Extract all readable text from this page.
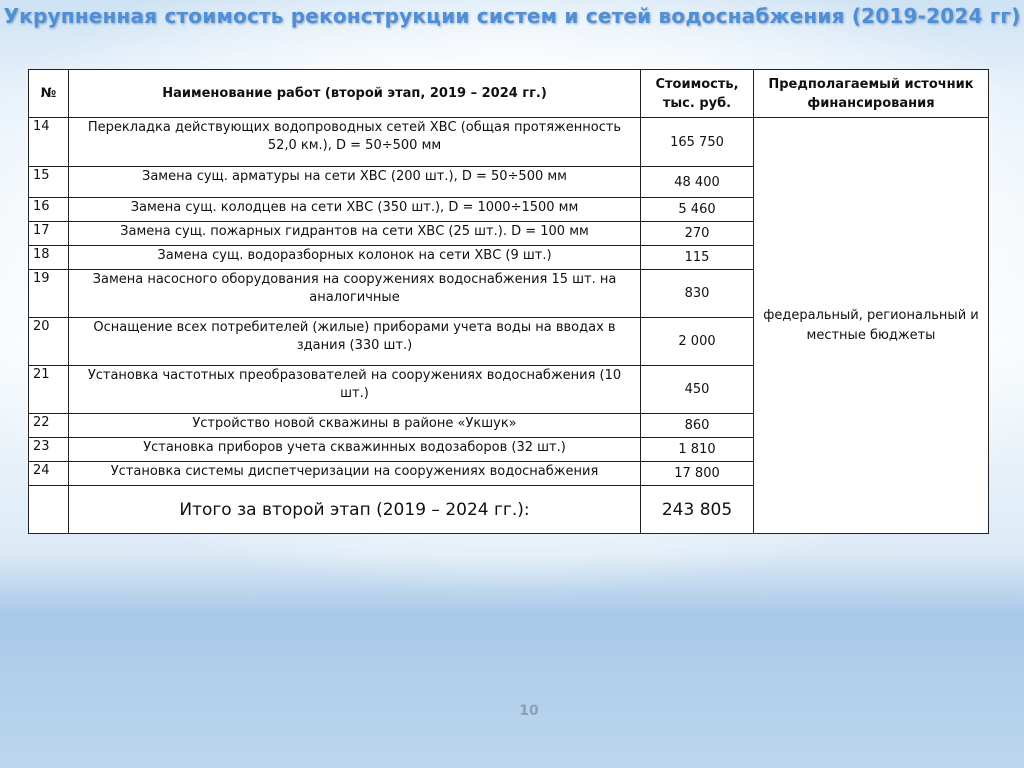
Укрупненная стоимость реконструкции систем и сетей водоснабжения (2019-2024 гг)
№	Наименование работ (второй этап, 2019 – 2024 гг.)	Стоимость, тыс. руб.	Предполагаемый источник финансирования
14	Перекладка действующих водопроводных сетей ХВС (общая протяженность 52,0 км.), D = 50÷500 мм	165 750	федеральный, региональный и местные бюджеты
15	Замена сущ. арматуры на сети ХВС (200 шт.), D = 50÷500 мм	48 400	
16	Замена сущ. колодцев на сети ХВС (350 шт.), D = 1000÷1500 мм	5 460	
17	Замена сущ. пожарных гидрантов на сети ХВС (25 шт.). D = 100 мм	270	
18	Замена сущ. водоразборных колонок на сети ХВС (9 шт.)	115	
19	Замена насосного оборудования на сооружениях водоснабжения 15 шт. на аналогичные	830	
20	Оснащение всех потребителей (жилые) приборами учета воды на вводах в здания (330 шт.)	2 000	
21	Установка частотных преобразователей на сооружениях водоснабжения (10 шт.)	450	
22	Устройство новой скважины в районе «Укшук»	860	
23	Установка приборов учета скважинных водозаборов (32 шт.)	1 810	
24	Установка системы диспетчеризации на сооружениях водоснабжения	17 800	
	Итого за второй этап (2019 – 2024 гг.):	243 805	
10
